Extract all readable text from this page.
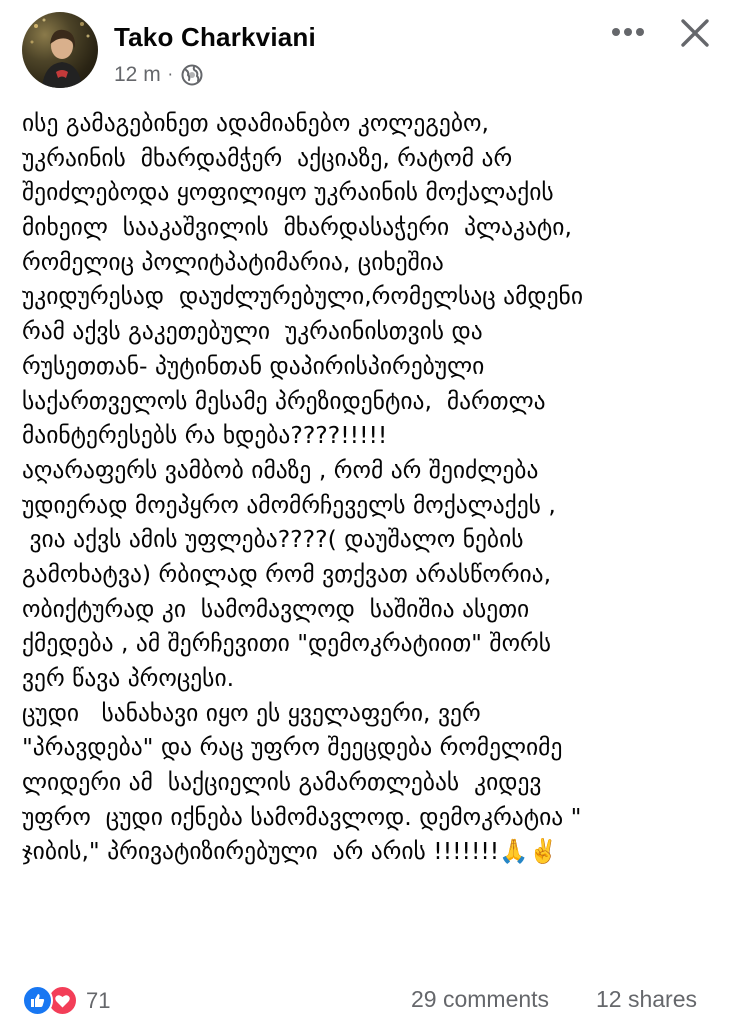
Tako Charkviani
12 m ·
ისე გამაგებინეთ ადამიანებო კოლეგებო,
უკრაინის  მხარდამჭერ  აქციაზე, რატომ არ
შეიძლებოდა ყოფილიყო უკრაინის მოქალაქის
მიხეილ  სააკაშვილის  მხარდასაჭერი  პლაკატი,
რომელიც პოლიტპატიმარია, ციხეშია
უკიდურესად  დაუძლურებული,რომელსაც ამდენი
რამ აქვს გაკეთებული  უკრაინისთვის და
რუსეთთან- პუტინთან დაპირისპირებული
საქართველოს მესამე პრეზიდენტია,  მართლა
მაინტერესებს რა ხდება????!!!!!
აღარაფერს ვამბობ იმაზე , რომ არ შეიძლება
უდიერად მოეპყრო ამომრჩეველს მოქალაქეს ,
ვია აქვს ამის უფლება????( დაუშალო ნების
გამოხატვა) რბილად რომ ვთქვათ არასწორია,
ობიქტურად კი  სამომავლოდ  საშიშია ასეთი
ქმედება , ამ შერჩევითი "დემოკრატიით" შორს
ვერ წავა პროცესი.
ცუდი   სანახავი იყო ეს ყველაფერი, ვერ
"პრავდება" და რაც უფრო შეეცდება რომელიმე
ლიდერი ამ  საქციელის გამართლებას  კიდევ
უფრო  ცუდი იქნება სამომავლოდ. დემოკრატია "
ჯიბის," პრივატიზირებული  არ არის !!!!!!!🙏✌️
71	29 comments 12 shares
